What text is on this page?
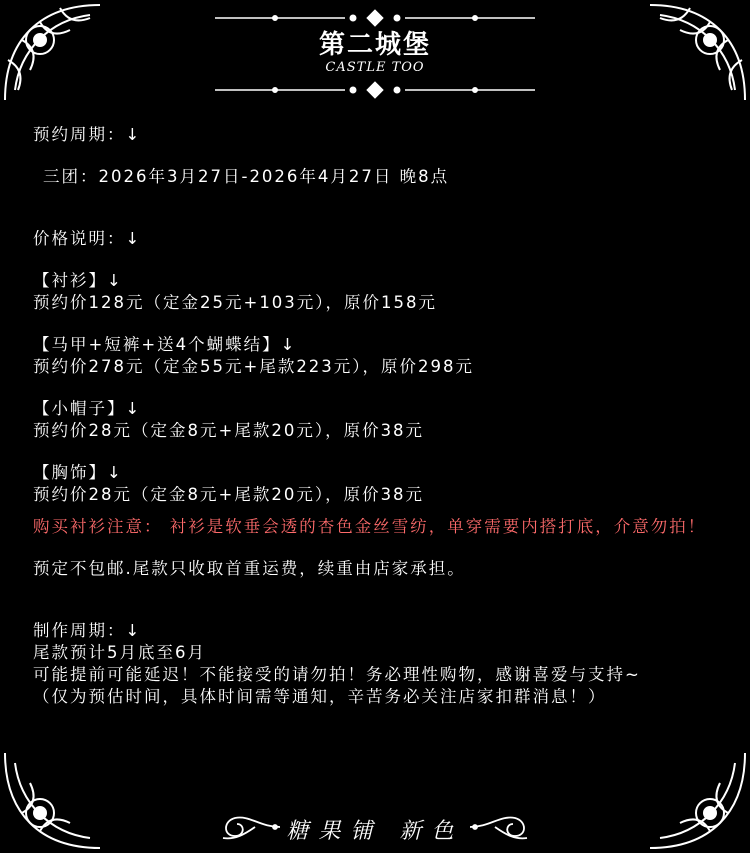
第二城堡
CASTLE TOO
预约周期：↓
三团：2026年3月27日-2026年4月27日 晚8点
价格说明：↓
【衬衫】↓
预约价128元（定金25元+103元），原价158元
【马甲+短裤+送4个蝴蝶结】↓
预约价278元（定金55元+尾款223元），原价298元
【小帽子】↓
预约价28元（定金8元+尾款20元），原价38元
【胸饰】↓
预约价28元（定金8元+尾款20元），原价38元
购买衬衫注意： 衬衫是软垂会透的杏色金丝雪纺，单穿需要内搭打底，介意勿拍！
预定不包邮.尾款只收取首重运费，续重由店家承担。
制作周期：↓
尾款预计5月底至6月
可能提前可能延迟！不能接受的请勿拍！务必理性购物，感谢喜爱与支持~
（仅为预估时间，具体时间需等通知，辛苦务必关注店家扣群消息！）
糖果铺 新色
